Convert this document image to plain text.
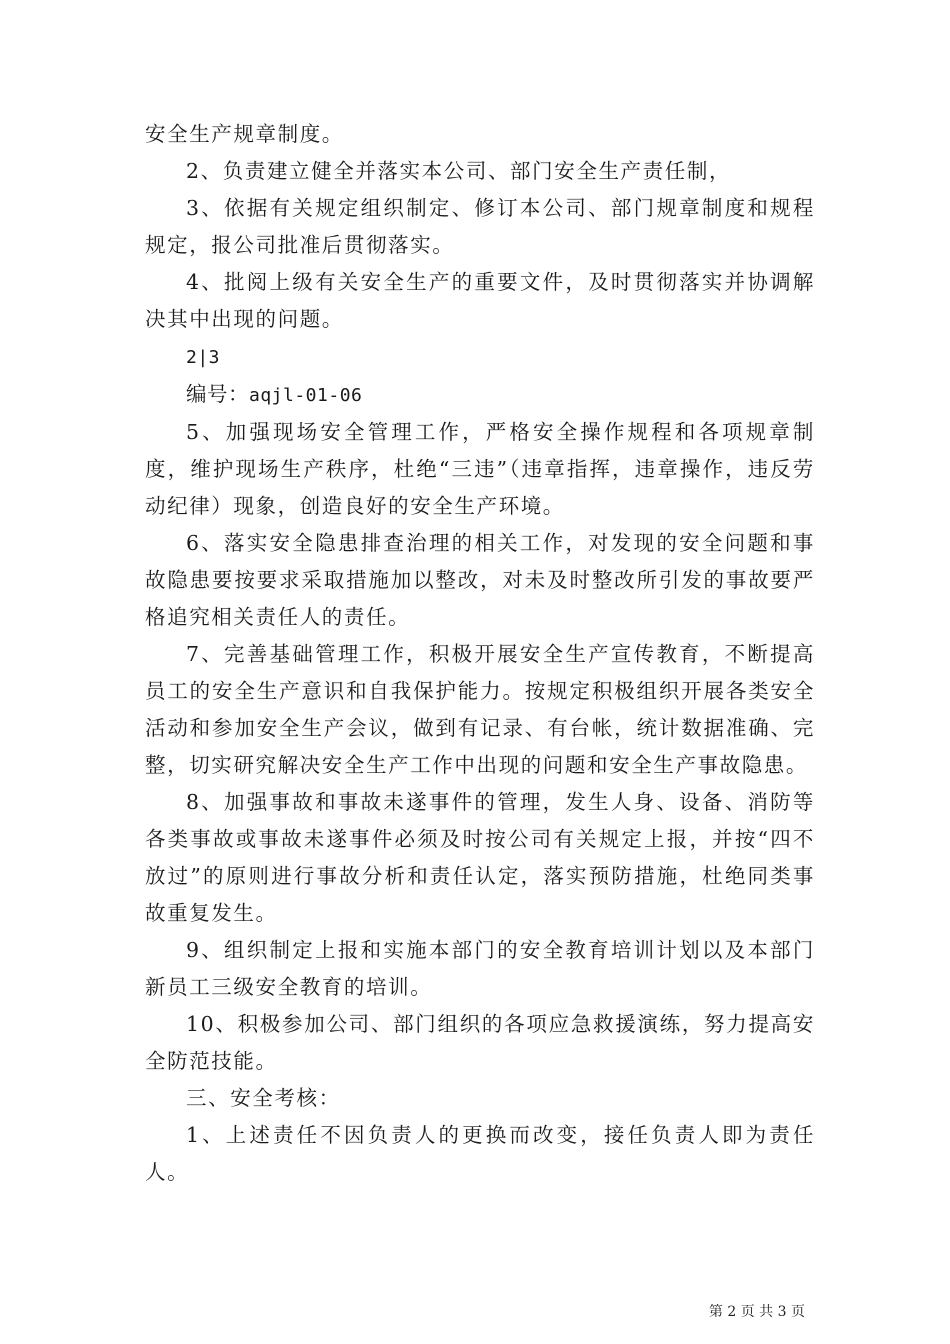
安全生产规章制度。

2、负责建立健全并落实本公司、部门安全生产责任制，

3、依据有关规定组织制定、修订本公司、部门规章制度和规程规定，报公司批准后贯彻落实。

4、批阅上级有关安全生产的重要文件，及时贯彻落实并协调解决其中出现的问题。

2|3

编号：aqjl-01-06

5、加强现场安全管理工作，严格安全操作规程和各项规章制度，维护现场生产秩序，杜绝“三违”（违章指挥，违章操作，违反劳动纪律）现象，创造良好的安全生产环境。

6、落实安全隐患排查治理的相关工作，对发现的安全问题和事故隐患要按要求采取措施加以整改，对未及时整改所引发的事故要严格追究相关责任人的责任。

7、完善基础管理工作，积极开展安全生产宣传教育，不断提高员工的安全生产意识和自我保护能力。按规定积极组织开展各类安全活动和参加安全生产会议，做到有记录、有台帐，统计数据准确、完整，切实研究解决安全生产工作中出现的问题和安全生产事故隐患。

8、加强事故和事故未遂事件的管理，发生人身、设备、消防等各类事故或事故未遂事件必须及时按公司有关规定上报，并按“四不放过”的原则进行事故分析和责任认定，落实预防措施，杜绝同类事故重复发生。

9、组织制定上报和实施本部门的安全教育培训计划以及本部门新员工三级安全教育的培训。

10、积极参加公司、部门组织的各项应急救援演练，努力提高安全防范技能。

三、安全考核：

1、上述责任不因负责人的更换而改变，接任负责人即为责任人。

第 2 页 共 3 页
